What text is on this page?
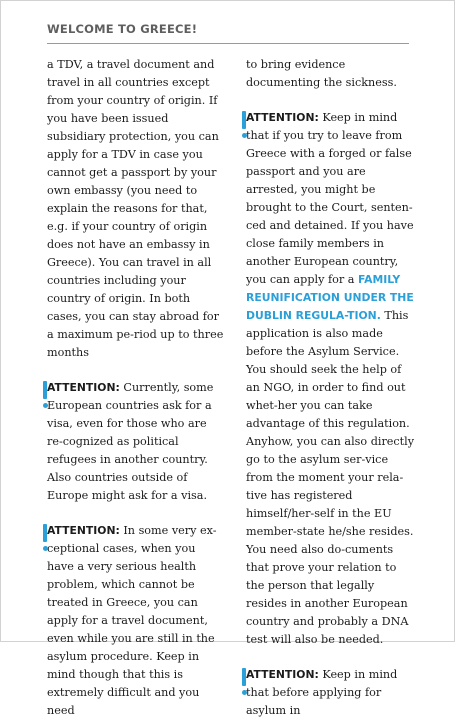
WELCOME TO GREECE!

a TDV, a travel document and travel in all countries except from your country of origin. If you have been issued subsidiary protection, you can apply for a TDV in case you cannot get a passport by your own embassy (you need to explain the reasons for that, e.g. if your country of origin does not have an embassy in Greece). You can travel in all countries including your country of origin. In both cases, you can stay abroad for a maximum pe-riod up to three months

ATTENTION: Currently, some European countries ask for a visa, even for those who are re-cognized as political refugees in another country. Also countries outside of Europe might ask for a visa.

ATTENTION: In some very ex-ceptional cases, when you have a very serious health problem, which cannot be treated in Greece, you can apply for a travel document, even while you are still in the asylum procedure. Keep in mind though that this is extremely difficult and you need

to bring evidence documenting the sickness.

ATTENTION: Keep in mind that if you try to leave from Greece with a forged or false passport and you are arrested, you might be brought to the Court, senten-ced and detained. If you have close family members in another European country, you can apply for a FAMILY REUNIFICATION UNDER THE DUBLIN REGULA-TION. This application is also made before the Asylum Service. You should seek the help of an NGO, in order to find out whet-her you can take advantage of this regulation. Anyhow, you can also directly go to the asylum ser-vice from the moment your rela-tive has registered himself/her-self in the EU member-state he/she resides. You need also do-cuments that prove your relation to the person that legally resides in another European country and probably a DNA test will also be needed.

ATTENTION: Keep in mind that before applying for asylum in
